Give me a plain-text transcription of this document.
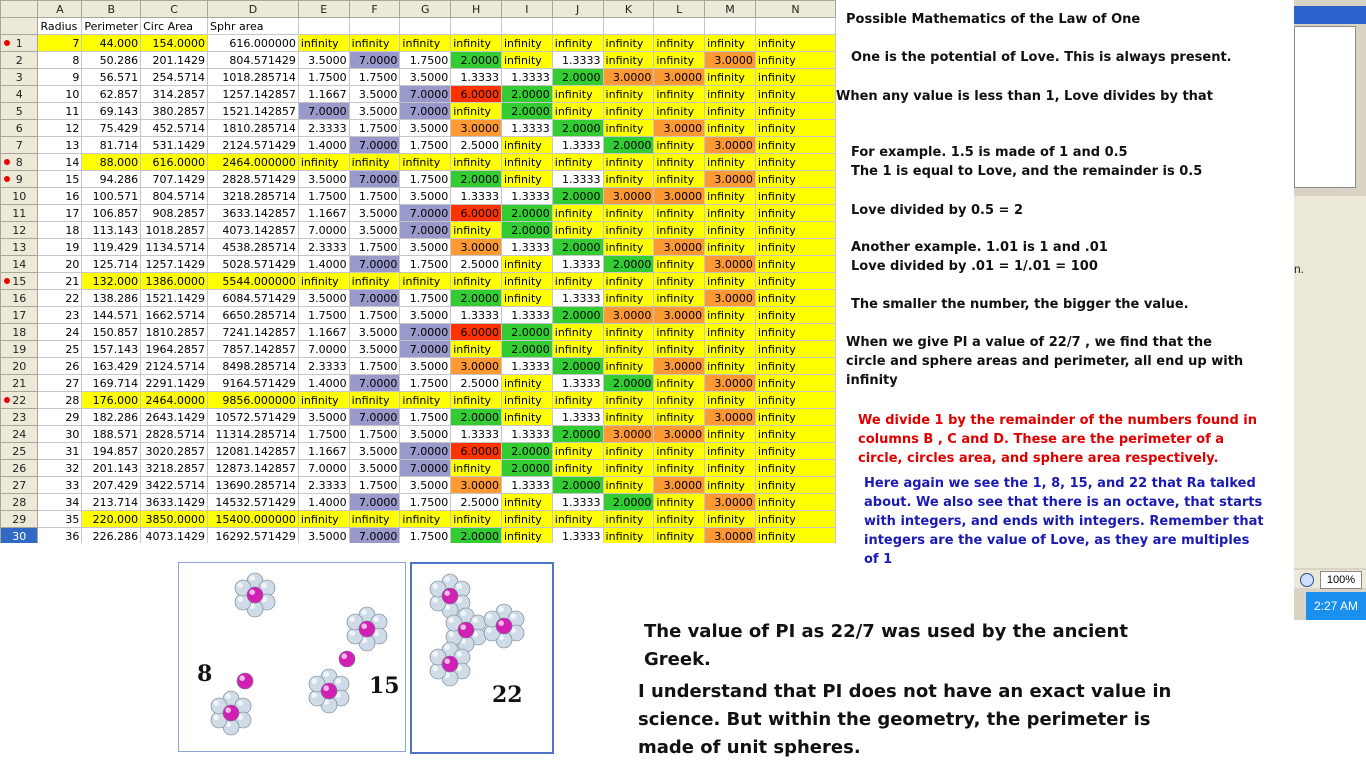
	A	B	C	D	E	F	G	H	I	J	K	L	M	N
	Radius	Perimeter	Circ Area	Sphr area										

1	7	44.000	154.0000	616.000000	infinity	infinity	infinity	infinity	infinity	infinity	infinity	infinity	infinity	infinity
2	8	50.286	201.1429	804.571429	3.5000	7.0000	1.7500	2.0000	infinity	1.3333	infinity	infinity	3.0000	infinity
3	9	56.571	254.5714	1018.285714	1.7500	1.7500	3.5000	1.3333	1.3333	2.0000	3.0000	3.0000	infinity	infinity
4	10	62.857	314.2857	1257.142857	1.1667	3.5000	7.0000	6.0000	2.0000	infinity	infinity	infinity	infinity	infinity
5	11	69.143	380.2857	1521.142857	7.0000	3.5000	7.0000	infinity	2.0000	infinity	infinity	infinity	infinity	infinity
6	12	75.429	452.5714	1810.285714	2.3333	1.7500	3.5000	3.0000	1.3333	2.0000	infinity	3.0000	infinity	infinity
7	13	81.714	531.1429	2124.571429	1.4000	7.0000	1.7500	2.5000	infinity	1.3333	2.0000	infinity	3.0000	infinity

8	14	88.000	616.0000	2464.000000	infinity	infinity	infinity	infinity	infinity	infinity	infinity	infinity	infinity	infinity

9	15	94.286	707.1429	2828.571429	3.5000	7.0000	1.7500	2.0000	infinity	1.3333	infinity	infinity	3.0000	infinity
10	16	100.571	804.5714	3218.285714	1.7500	1.7500	3.5000	1.3333	1.3333	2.0000	3.0000	3.0000	infinity	infinity
11	17	106.857	908.2857	3633.142857	1.1667	3.5000	7.0000	6.0000	2.0000	infinity	infinity	infinity	infinity	infinity
12	18	113.143	1018.2857	4073.142857	7.0000	3.5000	7.0000	infinity	2.0000	infinity	infinity	infinity	infinity	infinity
13	19	119.429	1134.5714	4538.285714	2.3333	1.7500	3.5000	3.0000	1.3333	2.0000	infinity	3.0000	infinity	infinity
14	20	125.714	1257.1429	5028.571429	1.4000	7.0000	1.7500	2.5000	infinity	1.3333	2.0000	infinity	3.0000	infinity

15	21	132.000	1386.0000	5544.000000	infinity	infinity	infinity	infinity	infinity	infinity	infinity	infinity	infinity	infinity
16	22	138.286	1521.1429	6084.571429	3.5000	7.0000	1.7500	2.0000	infinity	1.3333	infinity	infinity	3.0000	infinity
17	23	144.571	1662.5714	6650.285714	1.7500	1.7500	3.5000	1.3333	1.3333	2.0000	3.0000	3.0000	infinity	infinity
18	24	150.857	1810.2857	7241.142857	1.1667	3.5000	7.0000	6.0000	2.0000	infinity	infinity	infinity	infinity	infinity
19	25	157.143	1964.2857	7857.142857	7.0000	3.5000	7.0000	infinity	2.0000	infinity	infinity	infinity	infinity	infinity
20	26	163.429	2124.5714	8498.285714	2.3333	1.7500	3.5000	3.0000	1.3333	2.0000	infinity	3.0000	infinity	infinity
21	27	169.714	2291.1429	9164.571429	1.4000	7.0000	1.7500	2.5000	infinity	1.3333	2.0000	infinity	3.0000	infinity

22	28	176.000	2464.0000	9856.000000	infinity	infinity	infinity	infinity	infinity	infinity	infinity	infinity	infinity	infinity
23	29	182.286	2643.1429	10572.571429	3.5000	7.0000	1.7500	2.0000	infinity	1.3333	infinity	infinity	3.0000	infinity
24	30	188.571	2828.5714	11314.285714	1.7500	1.7500	3.5000	1.3333	1.3333	2.0000	3.0000	3.0000	infinity	infinity
25	31	194.857	3020.2857	12081.142857	1.1667	3.5000	7.0000	6.0000	2.0000	infinity	infinity	infinity	infinity	infinity
26	32	201.143	3218.2857	12873.142857	7.0000	3.5000	7.0000	infinity	2.0000	infinity	infinity	infinity	infinity	infinity
27	33	207.429	3422.5714	13690.285714	2.3333	1.7500	3.5000	3.0000	1.3333	2.0000	infinity	3.0000	infinity	infinity
28	34	213.714	3633.1429	14532.571429	1.4000	7.0000	1.7500	2.5000	infinity	1.3333	2.0000	infinity	3.0000	infinity
29	35	220.000	3850.0000	15400.000000	infinity	infinity	infinity	infinity	infinity	infinity	infinity	infinity	infinity	infinity
30	36	226.286	4073.1429	16292.571429	3.5000	7.0000	1.7500	2.0000	infinity	1.3333	infinity	infinity	3.0000	infinity
Possible Mathematics of the Law of One
One is the potential of Love. This is always present.
When any value is less than 1, Love divides by that
For example. 1.5 is made of 1 and 0.5
The 1 is equal to Love, and the remainder is 0.5
Love divided by 0.5 = 2
Another example. 1.01 is 1 and .01
Love divided by .01 = 1/.01 = 100
The smaller the number, the bigger the value.
When we give PI a value of 22/7 , we find that the
circle and sphere areas and perimeter, all end up with
infinity
We divide 1 by the remainder of the numbers found in
columns B , C and D. These are the perimeter of a
circle, circles area, and sphere area respectively.
Here again we see the 1, 8, 15, and 22 that Ra talked
about. We also see that there is an octave, that starts
with integers, and ends with integers. Remember that
integers are the value of Love, as they are multiples
of 1
n.
100%
2:27 AM
8	15	22
The value of PI as 22/7 was used by the ancient
Greek.
I understand that PI does not have an exact value in
science. But within the geometry, the perimeter is
made of unit spheres.
